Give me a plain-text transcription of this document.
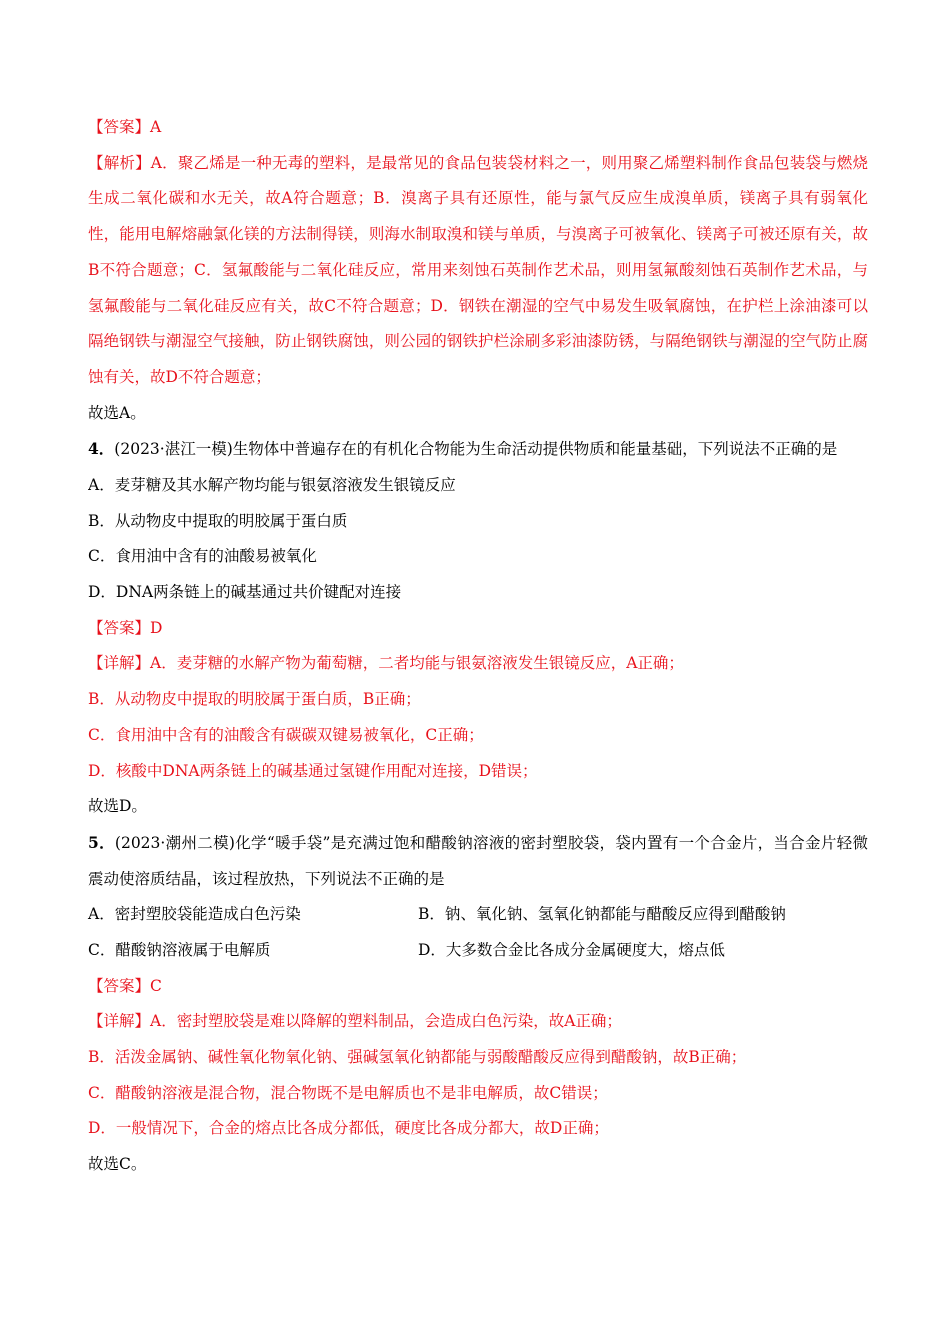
【答案】A
【解析】A．聚乙烯是一种无毒的塑料，是最常见的食品包装袋材料之一，则用聚乙烯塑料制作食品包装袋与燃烧生成二氧化碳和水无关，故A符合题意；B．溴离子具有还原性，能与氯气反应生成溴单质，镁离子具有弱氧化性，能用电解熔融氯化镁的方法制得镁，则海水制取溴和镁与单质，与溴离子可被氧化、镁离子可被还原有关，故B不符合题意；C．氢氟酸能与二氧化硅反应，常用来刻蚀石英制作艺术品，则用氢氟酸刻蚀石英制作艺术品，与氢氟酸能与二氧化硅反应有关，故C不符合题意；D．钢铁在潮湿的空气中易发生吸氧腐蚀，在护栏上涂油漆可以隔绝钢铁与潮湿空气接触，防止钢铁腐蚀，则公园的钢铁护栏涂刷多彩油漆防锈，与隔绝钢铁与潮湿的空气防止腐蚀有关，故D不符合题意；
故选A。
4．(2023·湛江一模)生物体中普遍存在的有机化合物能为生命活动提供物质和能量基础，下列说法不正确的是
A．麦芽糖及其水解产物均能与银氨溶液发生银镜反应
B．从动物皮中提取的明胶属于蛋白质
C．食用油中含有的油酸易被氧化
D．DNA两条链上的碱基通过共价键配对连接
【答案】D
【详解】A．麦芽糖的水解产物为葡萄糖，二者均能与银氨溶液发生银镜反应，A正确；
B．从动物皮中提取的明胶属于蛋白质，B正确；
C．食用油中含有的油酸含有碳碳双键易被氧化，C正确；
D．核酸中DNA两条链上的碱基通过氢键作用配对连接，D错误；
故选D。
5．(2023·潮州二模)化学“暖手袋”是充满过饱和醋酸钠溶液的密封塑胶袋，袋内置有一个合金片，当合金片轻微震动使溶质结晶，该过程放热，下列说法不正确的是
A．密封塑胶袋能造成白色污染	B．钠、氧化钠、氢氧化钠都能与醋酸反应得到醋酸钠
C．醋酸钠溶液属于电解质	D．大多数合金比各成分金属硬度大，熔点低
【答案】C
【详解】A．密封塑胶袋是难以降解的塑料制品，会造成白色污染，故A正确；
B．活泼金属钠、碱性氧化物氧化钠、强碱氢氧化钠都能与弱酸醋酸反应得到醋酸钠，故B正确；
C．醋酸钠溶液是混合物，混合物既不是电解质也不是非电解质，故C错误；
D．一般情况下，合金的熔点比各成分都低，硬度比各成分都大，故D正确；
故选C。
